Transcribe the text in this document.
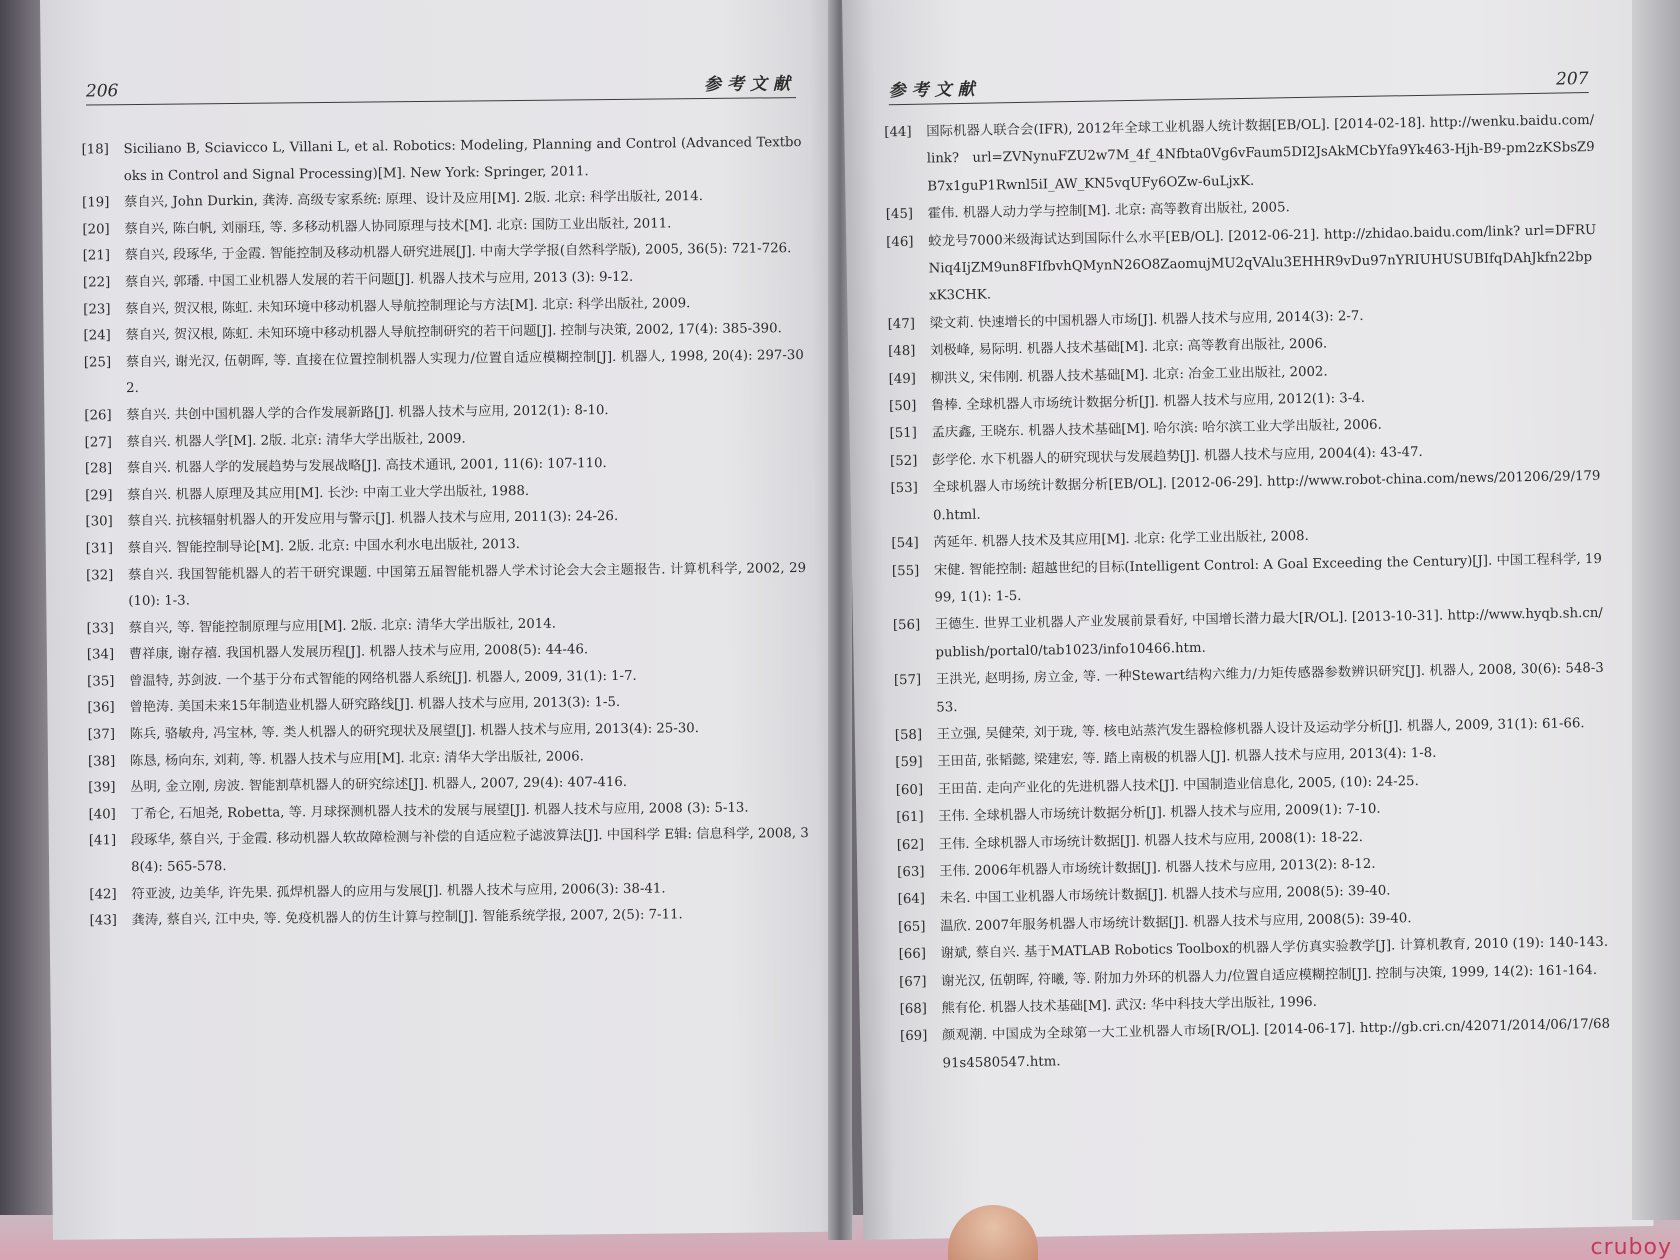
206	参考文献
[18]	Siciliano B, Sciavicco L, Villani L, et al. Robotics: Modeling, Planning and Control (Advanced Textbooks in Control and Signal Processing)[M]. New York: Springer, 2011.
[19]	蔡自兴, John Durkin, 龚涛. 高级专家系统: 原理、设计及应用[M]. 2版. 北京: 科学出版社, 2014.
[20]	蔡自兴, 陈白帆, 刘丽珏, 等. 多移动机器人协同原理与技术[M]. 北京: 国防工业出版社, 2011.
[21]	蔡自兴, 段琢华, 于金霞. 智能控制及移动机器人研究进展[J]. 中南大学学报(自然科学版), 2005, 36(5): 721-726.
[22]	蔡自兴, 郭璠. 中国工业机器人发展的若干问题[J]. 机器人技术与应用, 2013 (3): 9-12.
[23]	蔡自兴, 贺汉根, 陈虹. 未知环境中移动机器人导航控制理论与方法[M]. 北京: 科学出版社, 2009.
[24]	蔡自兴, 贺汉根, 陈虹. 未知环境中移动机器人导航控制研究的若干问题[J]. 控制与决策, 2002, 17(4): 385-390.
[25]	蔡自兴, 谢光汉, 伍朝晖, 等. 直接在位置控制机器人实现力/位置自适应模糊控制[J]. 机器人, 1998, 20(4): 297-302.
[26]	蔡自兴. 共创中国机器人学的合作发展新路[J]. 机器人技术与应用, 2012(1): 8-10.
[27]	蔡自兴. 机器人学[M]. 2版. 北京: 清华大学出版社, 2009.
[28]	蔡自兴. 机器人学的发展趋势与发展战略[J]. 高技术通讯, 2001, 11(6): 107-110.
[29]	蔡自兴. 机器人原理及其应用[M]. 长沙: 中南工业大学出版社, 1988.
[30]	蔡自兴. 抗核辐射机器人的开发应用与警示[J]. 机器人技术与应用, 2011(3): 24-26.
[31]	蔡自兴. 智能控制导论[M]. 2版. 北京: 中国水利水电出版社, 2013.
[32]	蔡自兴. 我国智能机器人的若干研究课题. 中国第五届智能机器人学术讨论会大会主题报告. 计算机科学, 2002, 29(10): 1-3.
[33]	蔡自兴, 等. 智能控制原理与应用[M]. 2版. 北京: 清华大学出版社, 2014.
[34]	曹祥康, 谢存禧. 我国机器人发展历程[J]. 机器人技术与应用, 2008(5): 44-46.
[35]	曾温特, 苏剑波. 一个基于分布式智能的网络机器人系统[J]. 机器人, 2009, 31(1): 1-7.
[36]	曾艳涛. 美国未来15年制造业机器人研究路线[J]. 机器人技术与应用, 2013(3): 1-5.
[37]	陈兵, 骆敏舟, 冯宝林, 等. 类人机器人的研究现状及展望[J]. 机器人技术与应用, 2013(4): 25-30.
[38]	陈恳, 杨向东, 刘莉, 等. 机器人技术与应用[M]. 北京: 清华大学出版社, 2006.
[39]	丛明, 金立刚, 房波. 智能割草机器人的研究综述[J]. 机器人, 2007, 29(4): 407-416.
[40]	丁希仑, 石旭尧, Robetta, 等. 月球探测机器人技术的发展与展望[J]. 机器人技术与应用, 2008 (3): 5-13.
[41]	段琢华, 蔡自兴, 于金霞. 移动机器人软故障检测与补偿的自适应粒子滤波算法[J]. 中国科学 E辑: 信息科学, 2008, 38(4): 565-578.
[42]	符亚波, 边美华, 许先果. 孤焊机器人的应用与发展[J]. 机器人技术与应用, 2006(3): 38-41.
[43]	龚涛, 蔡自兴, 江中央, 等. 免疫机器人的仿生计算与控制[J]. 智能系统学报, 2007, 2(5): 7-11.
参考文献
207
[44]	国际机器人联合会(IFR), 2012年全球工业机器人统计数据[EB/OL]. [2014-02-18]. http://wenku.baidu.com/link? url=ZVNynuFZU2w7M_4f_4Nfbta0Vg6vFaum5DI2JsAkMCbYfa9Yk463-Hjh-B9-pm2zKSbsZ9B7x1guP1Rwnl5iI_AW_KN5vqUFy6OZw-6uLjxK.
[45]	霍伟. 机器人动力学与控制[M]. 北京: 高等教育出版社, 2005.
[46]	蛟龙号7000米级海试达到国际什么水平[EB/OL]. [2012-06-21]. http://zhidao.baidu.com/link? url=DFRUNiq4IjZM9un8FIfbvhQMynN26O8ZaomujMU2qVAlu3EHHR9vDu97nYRIUHUSUBIfqDAhJkfn22bpxK3CHK.
[47]	梁文莉. 快速增长的中国机器人市场[J]. 机器人技术与应用, 2014(3): 2-7.
[48]	刘极峰, 易际明. 机器人技术基础[M]. 北京: 高等教育出版社, 2006.
[49]	柳洪义, 宋伟刚. 机器人技术基础[M]. 北京: 冶金工业出版社, 2002.
[50]	鲁棒. 全球机器人市场统计数据分析[J]. 机器人技术与应用, 2012(1): 3-4.
[51]	孟庆鑫, 王晓东. 机器人技术基础[M]. 哈尔滨: 哈尔滨工业大学出版社, 2006.
[52]	彭学伦. 水下机器人的研究现状与发展趋势[J]. 机器人技术与应用, 2004(4): 43-47.
[53]	全球机器人市场统计数据分析[EB/OL]. [2012-06-29]. http://www.robot-china.com/news/201206/29/1790.html.
[54]	芮延年. 机器人技术及其应用[M]. 北京: 化学工业出版社, 2008.
[55]	宋健. 智能控制: 超越世纪的目标(Intelligent Control: A Goal Exceeding the Century)[J]. 中国工程科学, 1999, 1(1): 1-5.
[56]	王德生. 世界工业机器人产业发展前景看好, 中国增长潜力最大[R/OL]. [2013-10-31]. http://www.hyqb.sh.cn/publish/portal0/tab1023/info10466.htm.
[57]	王洪光, 赵明扬, 房立金, 等. 一种Stewart结构六维力/力矩传感器参数辨识研究[J]. 机器人, 2008, 30(6): 548-353.
[58]	王立强, 吴健荣, 刘于珑, 等. 核电站蒸汽发生器检修机器人设计及运动学分析[J]. 机器人, 2009, 31(1): 61-66.
[59]	王田苗, 张韬懿, 梁建宏, 等. 踏上南极的机器人[J]. 机器人技术与应用, 2013(4): 1-8.
[60]	王田苗. 走向产业化的先进机器人技术[J]. 中国制造业信息化, 2005, (10): 24-25.
[61]	王伟. 全球机器人市场统计数据分析[J]. 机器人技术与应用, 2009(1): 7-10.
[62]	王伟. 全球机器人市场统计数据[J]. 机器人技术与应用, 2008(1): 18-22.
[63]	王伟. 2006年机器人市场统计数据[J]. 机器人技术与应用, 2013(2): 8-12.
[64]	未名. 中国工业机器人市场统计数据[J]. 机器人技术与应用, 2008(5): 39-40.
[65]	温欣. 2007年服务机器人市场统计数据[J]. 机器人技术与应用, 2008(5): 39-40.
[66]	谢斌, 蔡自兴. 基于MATLAB Robotics Toolbox的机器人学仿真实验教学[J]. 计算机教育, 2010 (19): 140-143.
[67]	谢光汉, 伍朝晖, 符曦, 等. 附加力外环的机器人力/位置自适应模糊控制[J]. 控制与决策, 1999, 14(2): 161-164.
[68]	熊有伦. 机器人技术基础[M]. 武汉: 华中科技大学出版社, 1996.
[69]	颜观潮. 中国成为全球第一大工业机器人市场[R/OL]. [2014-06-17]. http://gb.cri.cn/42071/2014/06/17/6891s4580547.htm.
cruboy
